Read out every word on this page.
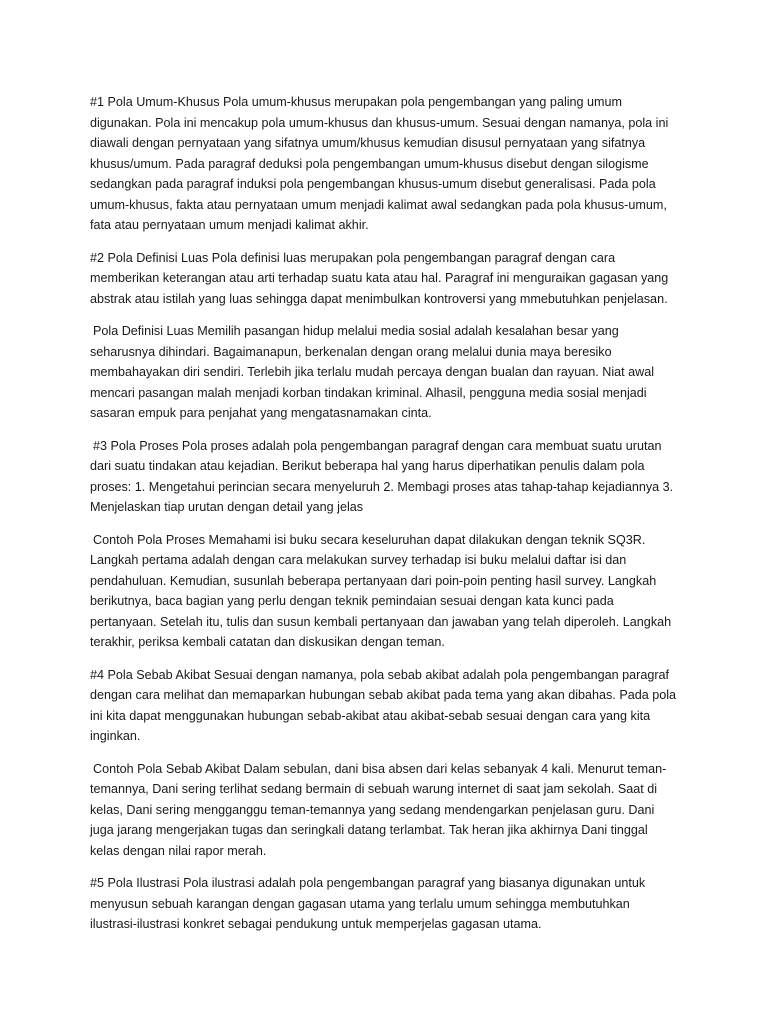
#1 Pola Umum-Khusus Pola umum-khusus merupakan pola pengembangan yang paling umum digunakan. Pola ini mencakup pola umum-khusus dan khusus-umum. Sesuai dengan namanya, pola ini diawali dengan pernyataan yang sifatnya umum/khusus kemudian disusul pernyataan yang sifatnya khusus/umum. Pada paragraf deduksi pola pengembangan umum-khusus disebut dengan silogisme sedangkan pada paragraf induksi pola pengembangan khusus-umum disebut generalisasi. Pada pola umum-khusus, fakta atau pernyataan umum menjadi kalimat awal sedangkan pada pola khusus-umum, fata atau pernyataan umum menjadi kalimat akhir.

#2 Pola Definisi Luas Pola definisi luas merupakan pola pengembangan paragraf dengan cara memberikan keterangan atau arti terhadap suatu kata atau hal. Paragraf ini menguraikan gagasan yang abstrak atau istilah yang luas sehingga dapat menimbulkan kontroversi yang mmebutuhkan penjelasan.

Pola Definisi Luas Memilih pasangan hidup melalui media sosial adalah kesalahan besar yang seharusnya dihindari. Bagaimanapun, berkenalan dengan orang melalui dunia maya beresiko membahayakan diri sendiri. Terlebih jika terlalu mudah percaya dengan bualan dan rayuan. Niat awal mencari pasangan malah menjadi korban tindakan kriminal. Alhasil, pengguna media sosial menjadi sasaran empuk para penjahat yang mengatasnamakan cinta.

#3 Pola Proses Pola proses adalah pola pengembangan paragraf dengan cara membuat suatu urutan dari suatu tindakan atau kejadian. Berikut beberapa hal yang harus diperhatikan penulis dalam pola proses: 1. Mengetahui perincian secara menyeluruh 2. Membagi proses atas tahap-tahap kejadiannya 3. Menjelaskan tiap urutan dengan detail yang jelas

Contoh Pola Proses Memahami isi buku secara keseluruhan dapat dilakukan dengan teknik SQ3R. Langkah pertama adalah dengan cara melakukan survey terhadap isi buku melalui daftar isi dan pendahuluan. Kemudian, susunlah beberapa pertanyaan dari poin-poin penting hasil survey. Langkah berikutnya, baca bagian yang perlu dengan teknik pemindaian sesuai dengan kata kunci pada pertanyaan. Setelah itu, tulis dan susun kembali pertanyaan dan jawaban yang telah diperoleh. Langkah terakhir, periksa kembali catatan dan diskusikan dengan teman.

#4 Pola Sebab Akibat Sesuai dengan namanya, pola sebab akibat adalah pola pengembangan paragraf dengan cara melihat dan memaparkan hubungan sebab akibat pada tema yang akan dibahas. Pada pola ini kita dapat menggunakan hubungan sebab-akibat atau akibat-sebab sesuai dengan cara yang kita inginkan.

Contoh Pola Sebab Akibat Dalam sebulan, dani bisa absen dari kelas sebanyak 4 kali. Menurut teman-temannya, Dani sering terlihat sedang bermain di sebuah warung internet di saat jam sekolah. Saat di kelas, Dani sering mengganggu teman-temannya yang sedang mendengarkan penjelasan guru. Dani juga jarang mengerjakan tugas dan seringkali datang terlambat. Tak heran jika akhirnya Dani tinggal kelas dengan nilai rapor merah.

#5 Pola Ilustrasi Pola ilustrasi adalah pola pengembangan paragraf yang biasanya digunakan untuk menyusun sebuah karangan dengan gagasan utama yang terlalu umum sehingga membutuhkan ilustrasi-ilustrasi konkret sebagai pendukung untuk memperjelas gagasan utama.
